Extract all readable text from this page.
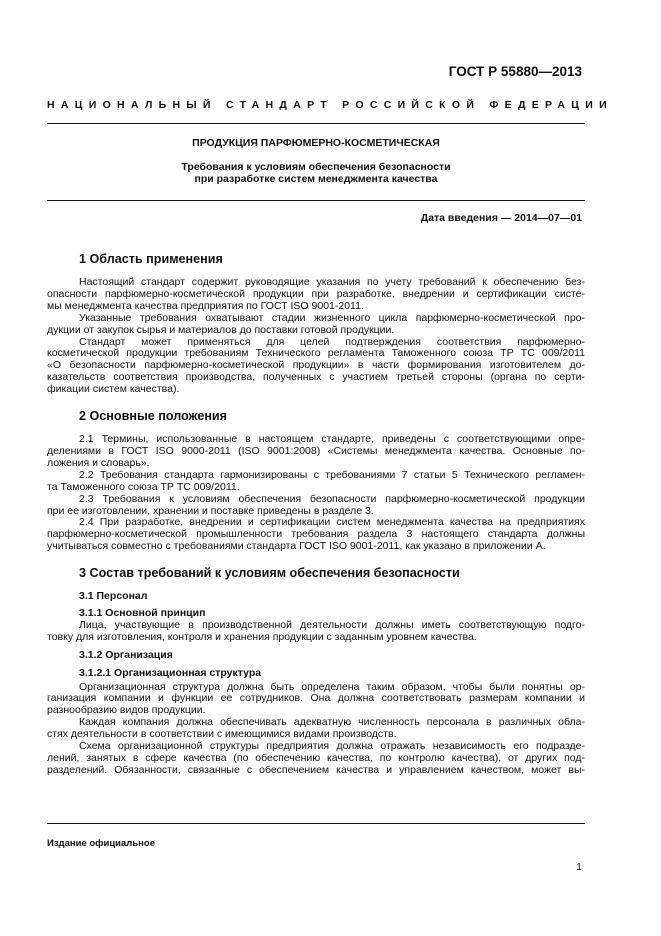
ГОСТ Р 55880—2013
НАЦИОНАЛЬНЫЙ СТАНДАРТ РОССИЙСКОЙ ФЕДЕРАЦИИ
ПРОДУКЦИЯ ПАРФЮМЕРНО-КОСМЕТИЧЕСКАЯ
Требования к условиям обеспечения безопасности
при разработке систем менеджмента качества
Дата введения — 2014—07—01
1 Область применения

Настоящий стандарт содержит руководящие указания по учету требований к обеспечению без-
опасности парфюмерно-косметической продукции при разработке, внедрении и сертификации систе-
мы менеджмента качества предприятия по ГОСТ ISO 9001-2011.

Указанные требования охватывают стадии жизненного цикла парфюмерно-косметической про-
дукции от закупок сырья и материалов до поставки готовой продукции.

Стандарт может применяться для целей подтверждения соответствия парфюмерно-
косметической продукции требованиям Технического регламента Таможенного союза ТР ТС 009/2011
«О безопасности парфюмерно-косметической продукции» в части формирования изготовителем до-
казательств соответствия производства, полученных с участием третьей стороны (органа по серти-
фикации систем качества).

2 Основные положения

2.1 Термины, использованные в настоящем стандарте, приведены с соответствующими опре-
делениями в ГОСТ ISO 9000-2011 (ISO 9001:2008) «Системы менеджмента качества. Основные по-
ложения и словарь».

2.2 Требования стандарта гармонизированы с требованиями 7 статьи 5 Технического регламен-
та Таможенного союза ТР ТС 009/2011.

2.3 Требования к условиям обеспечения безопасности парфюмерно-косметической продукции
при ее изготовлении, хранении и поставке приведены в разделе 3.

2.4 При разработке, внедрении и сертификации систем менеджмента качества на предприятиях
парфюмерно-косметической промышленности требования раздела 3 настоящего стандарта должны
учитываться совместно с требованиями стандарта ГОСТ ISO 9001-2011, как указано в приложении А.

3 Состав требований к условиям обеспечения безопасности
3.1 Персонал
3.1.1 Основной принцип

Лица, участвующие в производственной деятельности должны иметь соответствующую подго-
товку для изготовления, контроля и хранения продукции с заданным уровнем качества.

3.1.2 Организация
3.1.2.1 Организационная структура

Организационная структура должна быть определена таким образом, чтобы были понятны ор-
ганизация компании и функции ее сотрудников. Она должна соответствовать размерам компании и
разнообразию видов продукции.

Каждая компания должна обеспечивать адекватную численность персонала в различных обла-
стях деятельности в соответствии с имеющимися видами производств.

Схема организационной структуры предприятия должна отражать независимость его подразде-
лений, занятых в сфере качества (по обеспечению качества, по контролю качества), от других под-
разделений. Обязанности, связанные с обеспечением качества и управлением качеством, может вы-

Издание официальное
1
